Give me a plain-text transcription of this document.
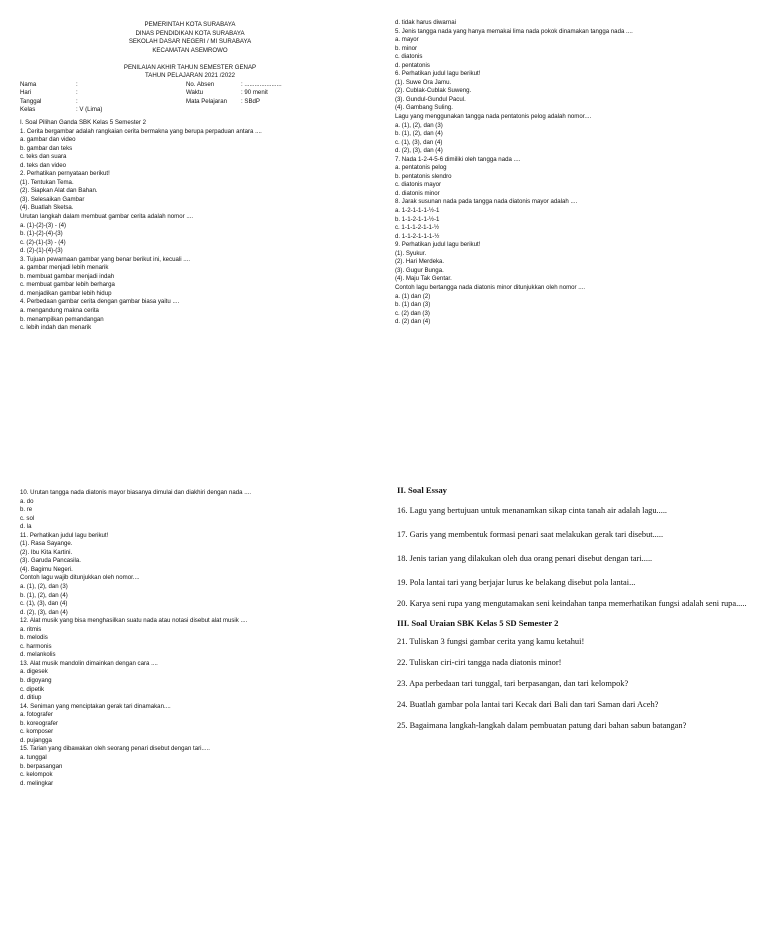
PEMERINTAH KOTA SURABAYA
DINAS PENDIDIKAN KOTA SURABAYA
SEKOLAH DASAR NEGERI / MI SURABAYA
KECAMATAN ASEMROWO
PENILAIAN AKHIR TAHUN SEMESTER GENAP
TAHUN PELAJARAN 2021 /2022
Nama	:	No. Absen	: ......................
Hari	:	Waktu	: 90 menit
Tanggal	:	Mata Pelajaran : SBdP
Kelas	: V (Lima)
I. Soal Pilihan Ganda SBK Kelas 5 Semester 2
1. Cerita bergambar adalah rangkaian cerita bermakna yang berupa perpaduan antara ....
a. gambar dan video
b. gambar dan teks
c. teks dan suara
d. teks dan video
2. Perhatikan pernyataan berikut!
(1). Tentukan Tema.
(2). Siapkan Alat dan Bahan.
(3). Selesaikan Gambar
(4). Buatlah Sketsa.
Urutan langkah dalam membuat gambar cerita adalah nomor ....
a. (1)-(2)-(3) - (4)
b. (1)-(2)-(4)-(3)
c. (2)-(1)-(3) - (4)
d. (2)-(1)-(4)-(3)
3. Tujuan pewarnaan gambar yang benar berikut ini, kecuali ....
a. gambar menjadi lebih menarik
b. membuat gambar menjadi indah
c. membuat gambar lebih berharga
d. menjadikan gambar lebih hidup
4. Perbedaan gambar cerita dengan gambar biasa yaitu ....
a. mengandung makna cerita
b. menampilkan pemandangan
c. lebih indah dan menarik
d. tidak harus diwarnai
5. Jenis tangga nada yang hanya memakai lima nada pokok dinamakan tangga nada ....
a. mayor
b. minor
c. diatonis
d. pentatonis
6. Perhatikan judul lagu berikut!
(1). Suwe Ora Jamu.
(2). Cublak-Cublak Suweng.
(3). Gundul-Gundul Pacul.
(4). Gambang Suling.
Lagu yang menggunakan tangga nada pentatonis pelog adalah nomor....
a. (1), (2), dan (3)
b. (1), (2), dan (4)
c. (1), (3), dan (4)
d. (2), (3), dan (4)
7. Nada 1-2-4-5-6 dimiliki oleh tangga nada ....
a. pentatonis pelog
b. pentatonis slendro
c. diatonis mayor
d. diatonis minor
8. Jarak susunan nada pada tangga nada diatonis mayor adalah ....
a. 1-2-1-1-1-½-1
b. 1-1-2-1-1-½-1
c. 1-1-1-2-1-1-½
d. 1-1-2-1-1-1-½
9. Perhatikan judul lagu berikut!
(1). Syukur.
(2). Hari Merdeka.
(3). Gugur Bunga.
(4). Maju Tak Gentar.
Contoh lagu bertangga nada diatonis minor ditunjukkan oleh nomor ....
a. (1) dan (2)
b. (1) dan (3)
c. (2) dan (3)
d. (2) dan (4)
10. Urutan tangga nada diatonis mayor biasanya dimulai dan diakhiri dengan nada ....
a. do
b. re
c. sol
d. la
11. Perhatikan judul lagu berikut!
(1). Rasa Sayange.
(2). Ibu Kita Kartini.
(3). Garuda Pancasila.
(4). Bagimu Negeri.
Contoh lagu wajib ditunjukkan oleh nomor....
a. (1), (2), dan (3)
b. (1), (2), dan (4)
c. (1), (3), dan (4)
d. (2), (3), dan (4)
12. Alat musik yang bisa menghasilkan suatu nada atau notasi disebut alat musik ....
a. ritmis
b. melodis
c. harmonis
d. melankolis
13. Alat musik mandolin dimainkan dengan cara ....
a. digesek
b. digoyang
c. dipetik
d. ditiup
14. Seniman yang menciptakan gerak tari dinamakan....
a. fotografer
b. koreografer
c. komposer
d. pujangga
15. Tarian yang dibawakan oleh seorang penari disebut dengan tari.....
a. tunggal
b. berpasangan
c. kelompok
d. melingkar
II. Soal Essay
16. Lagu yang bertujuan untuk menanamkan sikap cinta tanah air adalah lagu.....
17. Garis yang membentuk formasi penari saat melakukan gerak tari disebut.....
18. Jenis tarian yang dilakukan oleh dua orang penari disebut dengan tari.....
19. Pola lantai tari yang berjajar lurus ke belakang disebut pola lantai...
20. Karya seni rupa yang mengutamakan seni keindahan tanpa memerhatikan fungsi adalah seni rupa.....
III. Soal Uraian SBK Kelas 5 SD Semester 2
21. Tuliskan 3 fungsi gambar cerita yang kamu ketahui!
22. Tuliskan ciri-ciri tangga nada diatonis minor!
23. Apa perbedaan tari tunggal, tari berpasangan, dan tari kelompok?
24. Buatlah gambar pola lantai tari Kecak dari Bali dan tari Saman dari Aceh?
25. Bagaimana langkah-langkah dalam pembuatan patung dari bahan sabun batangan?
